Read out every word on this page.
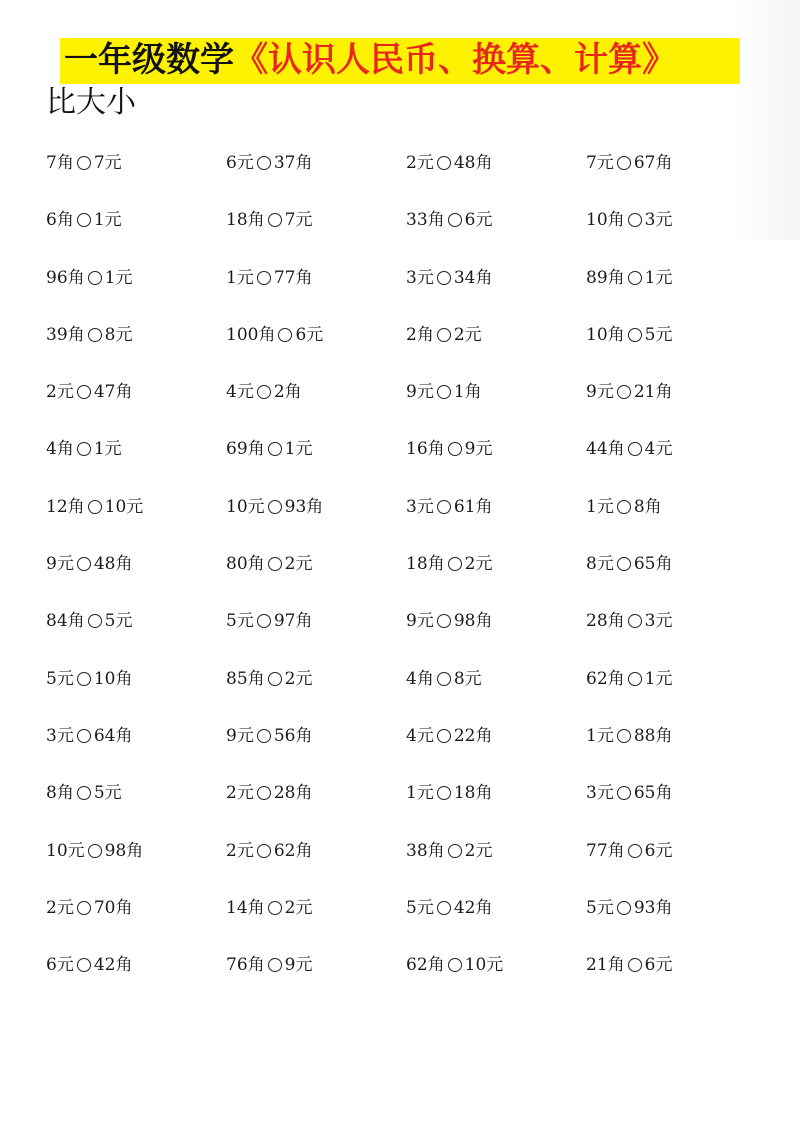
一年级数学《认识人民币、换算、计算》
比大小
7角 7元	6元 37角	2元 48角	7元 67角
6角 1元	18角 7元	33角 6元	10角 3元
96角 1元	1元 77角	3元 34角	89角 1元
39角 8元	100角 6元	2角 2元	10角 5元
2元 47角	4元 2角	9元 1角	9元 21角
4角 1元	69角 1元	16角 9元	44角 4元
12角 10元	10元 93角	3元 61角	1元 8角
9元 48角	80角 2元	18角 2元	8元 65角
84角 5元	5元 97角	9元 98角	28角 3元
5元 10角	85角 2元	4角 8元	62角 1元
3元 64角	9元 56角	4元 22角	1元 88角
8角 5元	2元 28角	1元 18角	3元 65角
10元 98角	2元 62角	38角 2元	77角 6元
2元 70角	14角 2元	5元 42角	5元 93角
6元 42角	76角 9元	62角 10元	21角 6元
